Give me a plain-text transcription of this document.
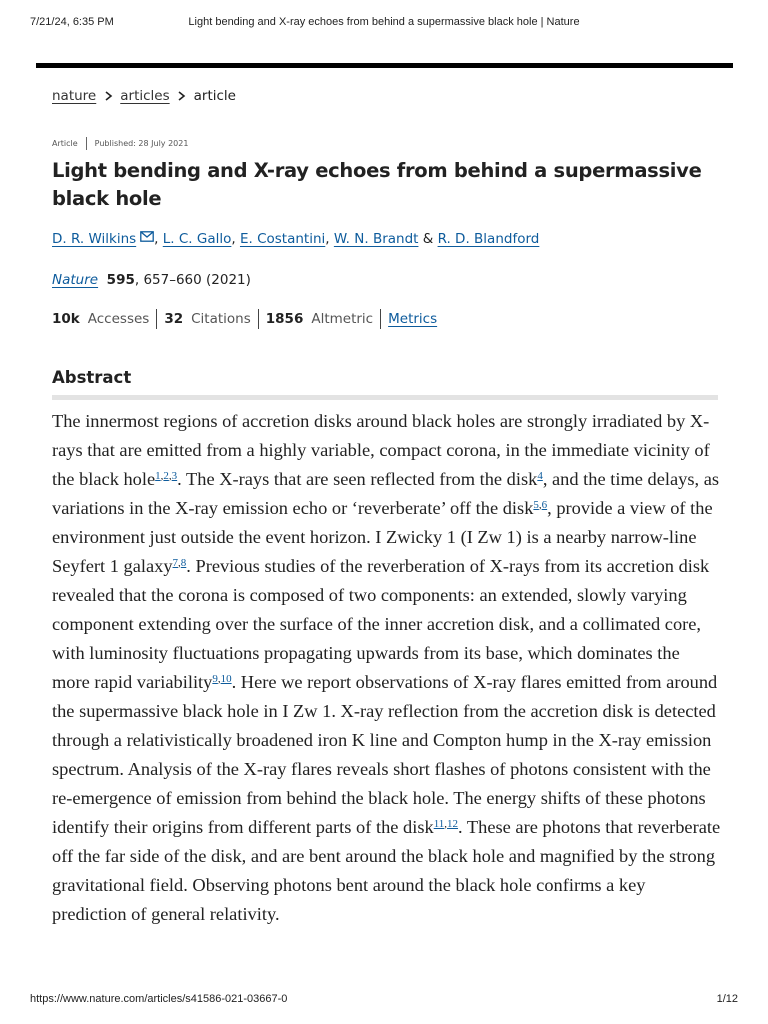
7/21/24, 6:35 PM	Light bending and X-ray echoes from behind a supermassive black hole | Nature
nature articles article
Article Published: 28 July 2021
Light bending and X-ray echoes from behind a supermassive black hole
D. R. Wilkins ,
L. C. Gallo ,
E. Costantini ,
W. N. Brandt
&
R. D. Blandford
Nature 595, 657–660 (2021)
10k Accesses 32 Citations 1856 Altmetric Metrics
Abstract

The innermost regions of accretion disks around black holes are strongly irradiated by X-rays that are emitted from a highly variable, compact corona, in the immediate vicinity of the black hole$^{1,2,3}$. The X-rays that are seen reflected from the disk$^4$, and the time delays, as variations in the X-ray emission echo or ‘reverberate’ off the disk$^{5,6}$, provide a view of the environment just outside the event horizon. I Zwicky 1 (I Zw 1) is a nearby narrow-line Seyfert 1 galaxy$^{7,8}$. Previous studies of the reverberation of X-rays from its accretion disk revealed that the corona is composed of two components: an extended, slowly varying component extending over the surface of the inner accretion disk, and a collimated core, with luminosity fluctuations propagating upwards from its base, which dominates the more rapid variability$^{9,10}$. Here we report observations of X-ray flares emitted from around the supermassive black hole in I Zw 1. X-ray reflection from the accretion disk is detected through a relativistically broadened iron K line and Compton hump in the X-ray emission spectrum. Analysis of the X-ray flares reveals short flashes of photons consistent with the re-emergence of emission from behind the black hole. The energy shifts of these photons identify their origins from different parts of the disk$^{11,12}$. These are photons that reverberate off the far side of the disk, and are bent around the black hole and magnified by the strong gravitational field. Observing photons bent around the black hole confirms a key prediction of general relativity.

https://www.nature.com/articles/s41586-021-03667-0	1/12
